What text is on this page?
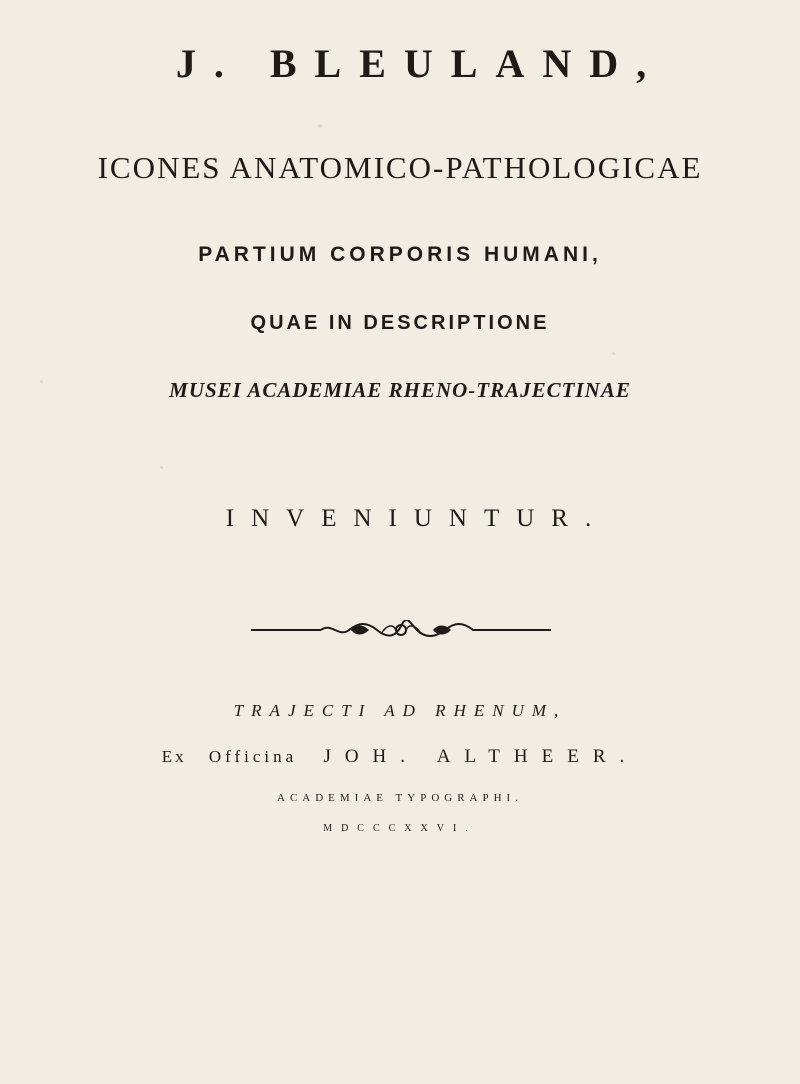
J. BLEULAND,
ICONES ANATOMICO-PATHOLOGICAE
PARTIUM CORPORIS HUMANI,
QUAE IN DESCRIPTIONE
MUSEI ACADEMIAE RHENO-TRAJECTINAE
INVENIUNTUR.
TRAJECTI AD RHENUM,
Ex Officina JOH. ALTHEER.
ACADEMIAE TYPOGRAPHI.
MDCCCXXVI.
